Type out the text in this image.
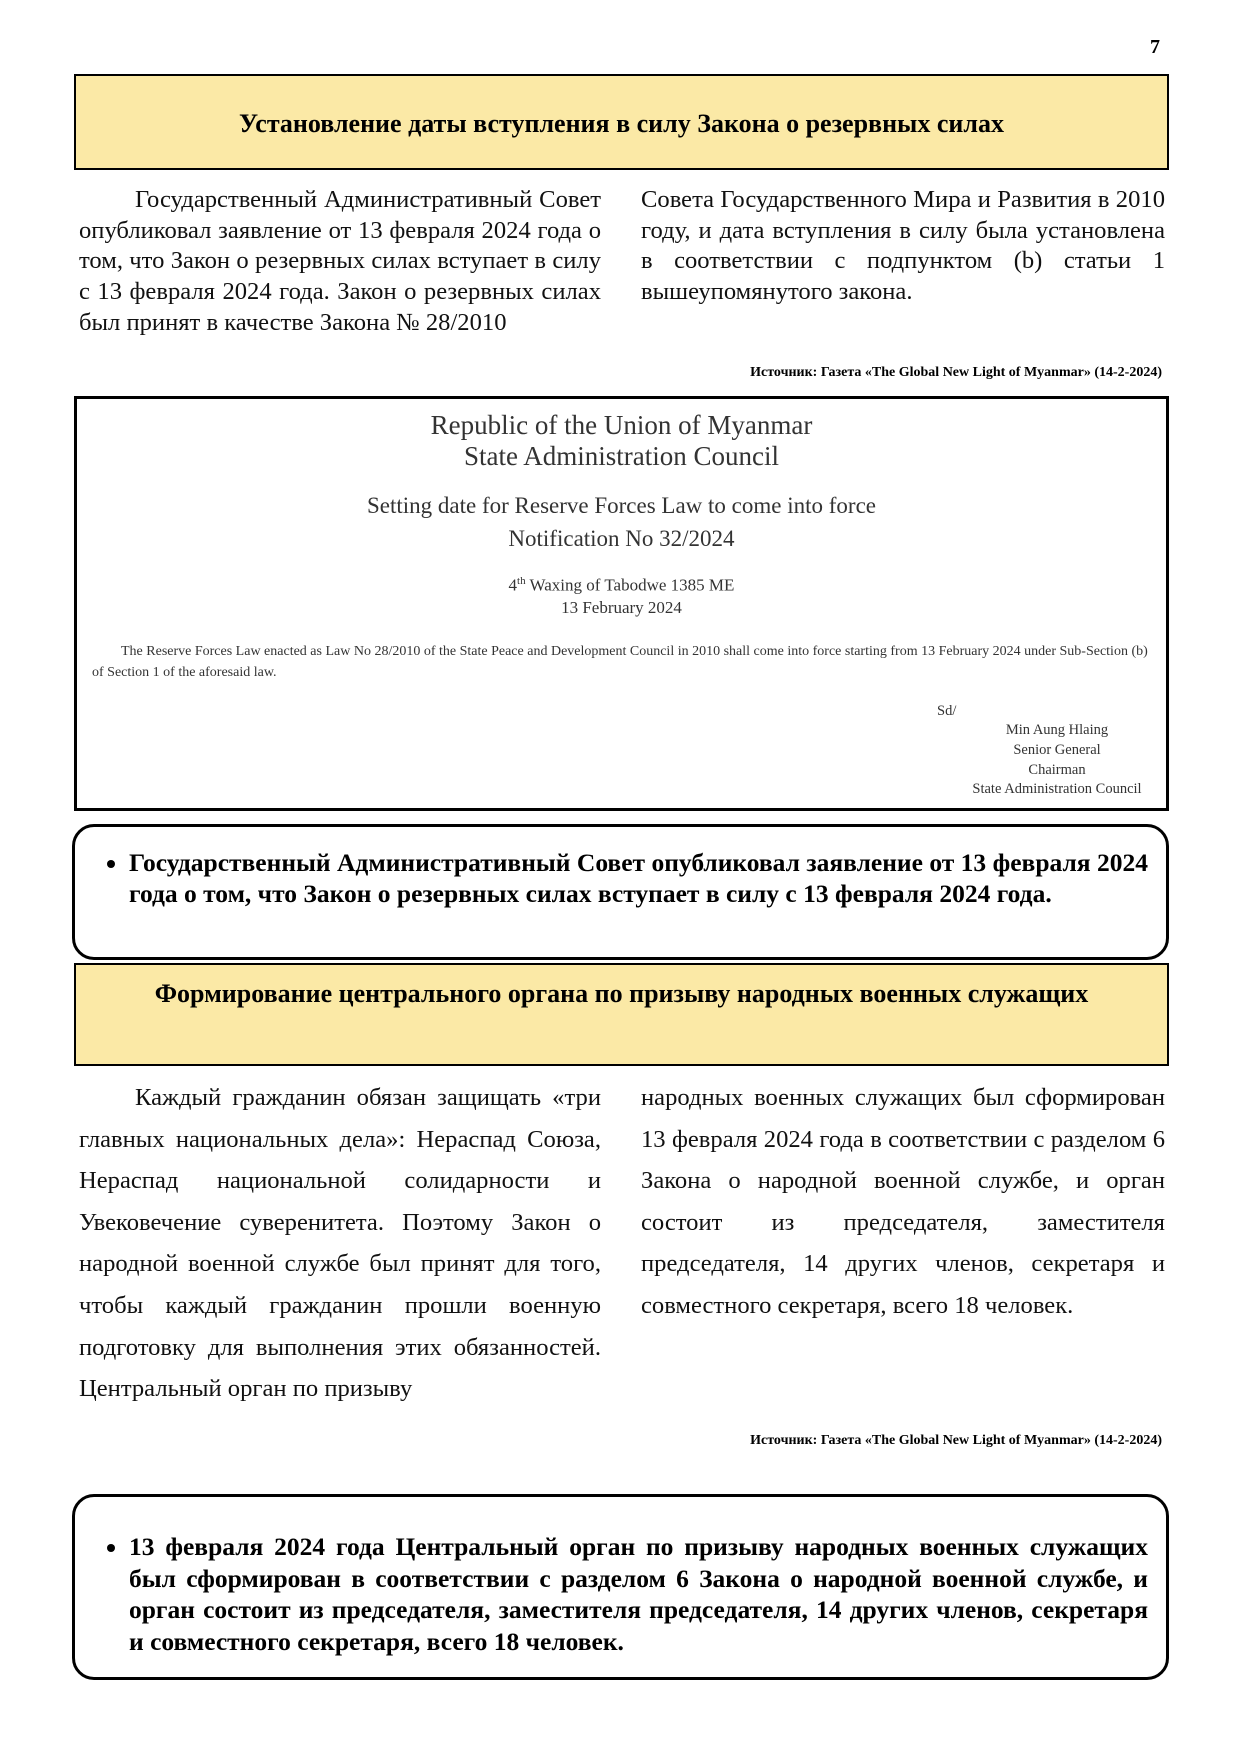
7
Установление даты вступления в силу Закона о резервных силах

Государственный Административный Совет опубликовал заявление от 13 февраля 2024 года о том, что Закон о резервных силах вступает в силу с 13 февраля 2024 года. Закон о резервных силах был принят в качестве Закона № 28/2010

Совета Государственного Мира и Развития в 2010 году, и дата вступления в силу была установлена в соответствии с подпунктом (b) статьи 1 вышеупомянутого закона.

Источник: Газета «The Global New Light of Myanmar» (14-2-2024)
Republic of the Union of Myanmar
State Administration Council
Setting date for Reserve Forces Law to come into force
Notification No 32/2024
4th Waxing of Tabodwe 1385 ME
13 February 2024
The Reserve Forces Law enacted as Law No 28/2010 of the State Peace and Development Council in 2010 shall come into force starting from 13 February 2024 under Sub-Section (b) of Section 1 of the aforesaid law.
Sd/
Min Aung Hlaing
Senior General
Chairman
State Administration Council
• Государственный Административный Совет опубликовал заявление от 13 февраля 2024 года о том, что Закон о резервных силах вступает в силу с 13 февраля 2024 года.
Формирование центрального органа по призыву народных военных служащих

Каждый гражданин обязан защищать «три главных национальных дела»: Нераспад Союза, Нераспад национальной солидарности и Увековечение суверенитета. Поэтому Закон о народной военной службе был принят для того, чтобы каждый гражданин прошли военную подготовку для выполнения этих обязанностей. Центральный орган по призыву

народных военных служащих был сформирован 13 февраля 2024 года в соответствии с разделом 6 Закона о народной военной службе, и орган состоит из председателя, заместителя председателя, 14 других членов, секретаря и совместного секретаря, всего 18 человек.

Источник: Газета «The Global New Light of Myanmar» (14-2-2024)
• 13 февраля 2024 года Центральный орган по призыву народных военных служащих был сформирован в соответствии с разделом 6 Закона о народной военной службе, и орган состоит из председателя, заместителя председателя, 14 других членов, секретаря и совместного секретаря, всего 18 человек.
